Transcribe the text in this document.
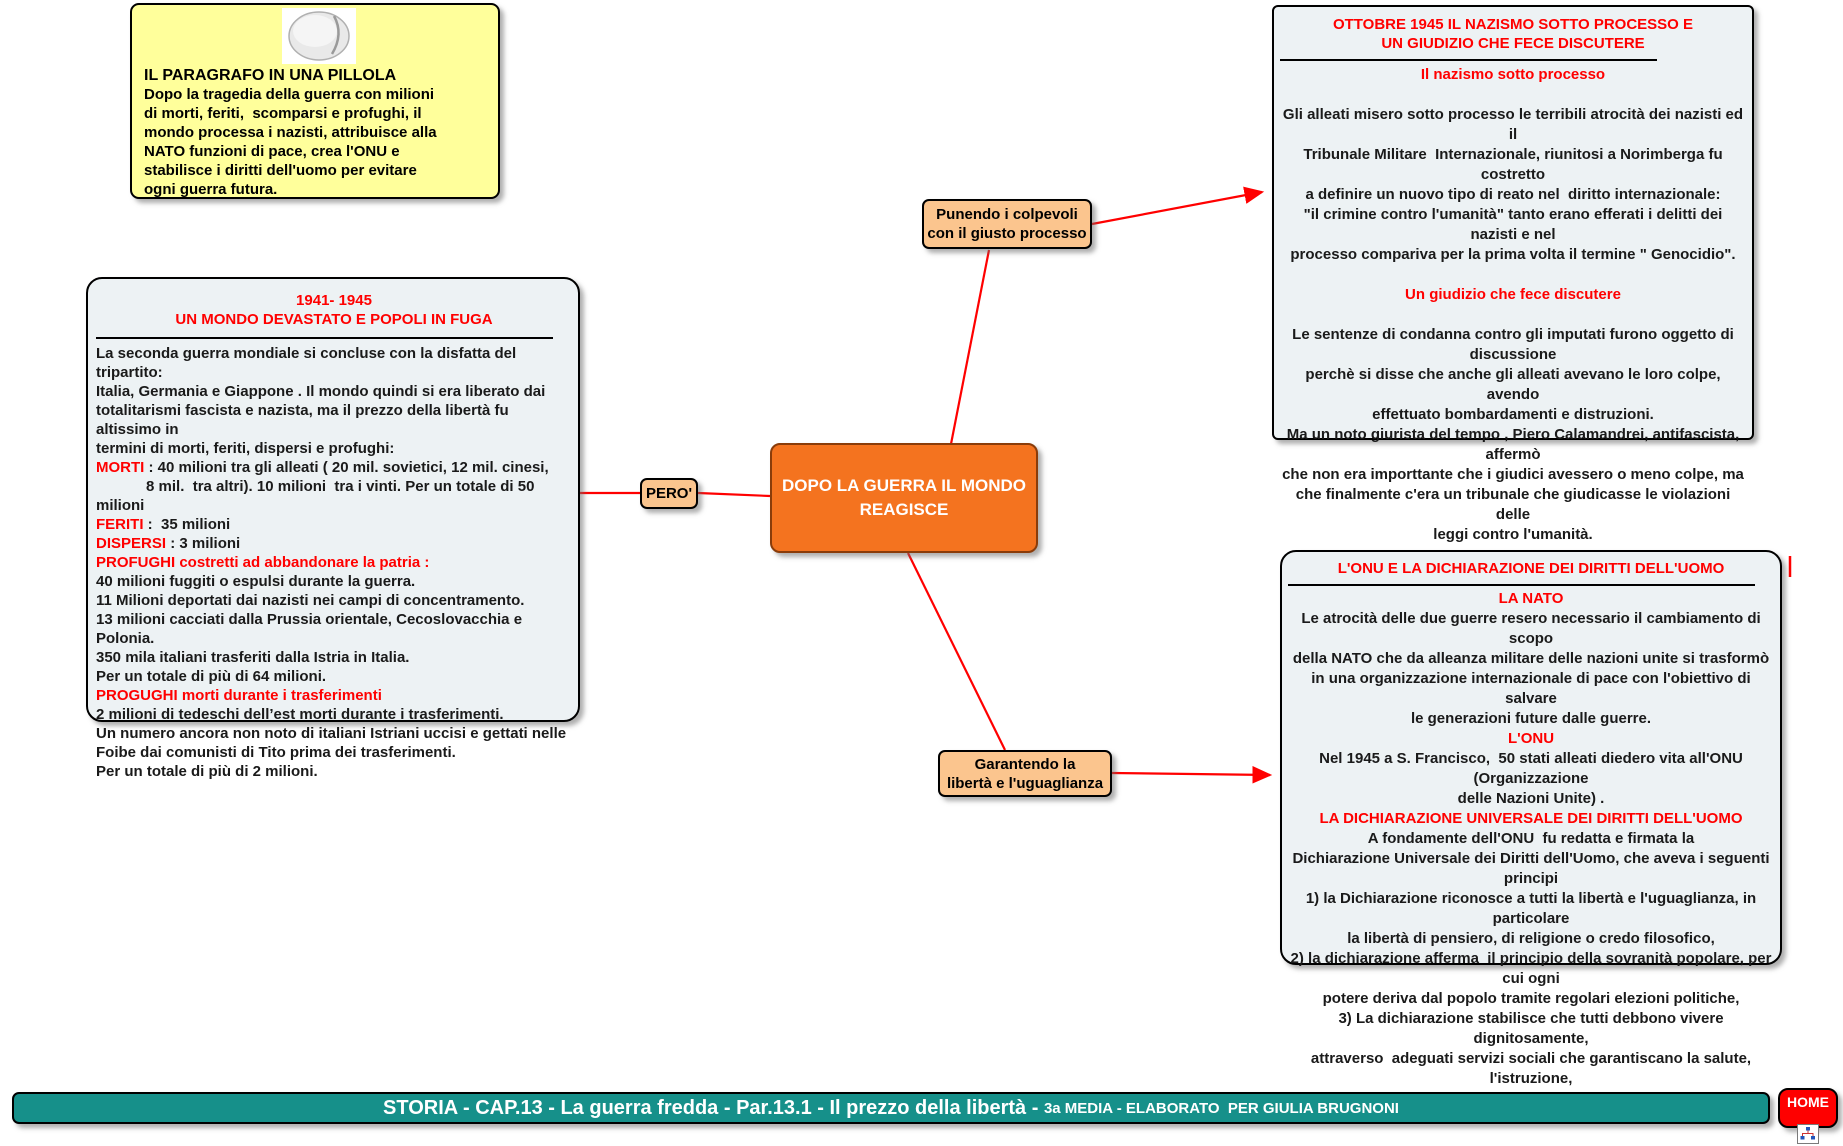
IL PARAGRAFO IN UNA PILLOLA
Dopo la tragedia della guerra con milioni
di morti, feriti,  scomparsi e profughi, il
mondo processa i nazisti, attribuisce alla
NATO funzioni di pace, crea l'ONU e
stabilisce i diritti dell'uomo per evitare
ogni guerra futura.
1941- 1945
UN MONDO DEVASTATO E POPOLI IN FUGA
La seconda guerra mondiale si concluse con la disfatta del tripartito:
Italia, Germania e Giappone . Il mondo quindi si era liberato dai
totalitarismi fascista e nazista, ma il prezzo della libertà fu altissimo in
termini di morti, feriti, dispersi e profughi:
MORTI : 40 milioni tra gli alleati ( 20 mil. sovietici, 12 mil. cinesi,
8 mil.  tra altri). 10 milioni  tra i vinti. Per un totale di 50 milioni
FERITI :  35 milioni
DISPERSI : 3 milioni
PROFUGHI costretti ad abbandonare la patria :
40 milioni fuggiti o espulsi durante la guerra.
11 Milioni deportati dai nazisti nei campi di concentramento.
13 milioni cacciati dalla Prussia orientale, Cecoslovacchia e Polonia.
350 mila italiani trasferiti dalla Istria in Italia.
Per un totale di più di 64 milioni.
PROGUGHI morti durante i trasferimenti
2 milioni di tedeschi dell’est morti durante i trasferimenti.
Un numero ancora non noto di italiani Istriani uccisi e gettati nelle
Foibe dai comunisti di Tito prima dei trasferimenti.
Per un totale di più di 2 milioni.
PERO'	DOPO LA GUERRA IL MONDO
REAGISCE
Punendo i colpevoli
con il giusto processo
Garantendo la
libertà e l'uguaglianza
OTTOBRE 1945 IL NAZISMO SOTTO PROCESSO E
UN GIUDIZIO CHE FECE DISCUTERE
Il nazismo sotto processo

Gli alleati misero sotto processo le terribili atrocità dei nazisti ed il
Tribunale Militare  Internazionale, riunitosi a Norimberga fu costretto
a definire un nuovo tipo di reato nel  diritto internazionale:
"il crimine contro l'umanità" tanto erano efferati i delitti dei nazisti e nel
processo compariva per la prima volta il termine " Genocidio".

Un giudizio che fece discutere

Le sentenze di condanna contro gli imputati furono oggetto di discussione
perchè si disse che anche gli alleati avevano le loro colpe, avendo
effettuato bombardamenti e distruzioni.
Ma un noto giurista del tempo , Piero Calamandrei, antifascista, affermò
che non era importtante che i giudici avessero o meno colpe, ma
che finalmente c'era un tribunale che giudicasse le violazioni delle
leggi contro l'umanità.
L'ONU E LA DICHIARAZIONE DEI DIRITTI DELL'UOMO
LA NATO
Le atrocità delle due guerre resero necessario il cambiamento di scopo
della NATO che da alleanza militare delle nazioni unite si trasformò
in una organizzazione internazionale di pace con l'obiettivo di salvare
le generazioni future dalle guerre.
L'ONU
Nel 1945 a S. Francisco,  50 stati alleati diedero vita all'ONU (Organizzazione
delle Nazioni Unite) .
LA DICHIARAZIONE UNIVERSALE DEI DIRITTI DELL'UOMO
A fondamente dell'ONU  fu redatta e firmata la
Dichiarazione Universale dei Diritti dell'Uomo, che aveva i seguenti principi
1) la Dichiarazione riconosce a tutti la libertà e l'uguaglianza, in particolare
la libertà di pensiero, di religione o credo filosofico,
2) la dichiarazione afferma  il principio della sovranità popolare, per cui ogni
potere deriva dal popolo tramite regolari elezioni politiche,
3) La dichiarazione stabilisce che tutti debbono vivere dignitosamente,
attraverso  adeguati servizi sociali che garantiscano la salute, l'istruzione,
STORIA - CAP.13 - La guerra fredda - Par.13.1 - Il prezzo della libertà - 3a MEDIA - ELABORATO  PER GIULIA BRUGNONI	HOME
